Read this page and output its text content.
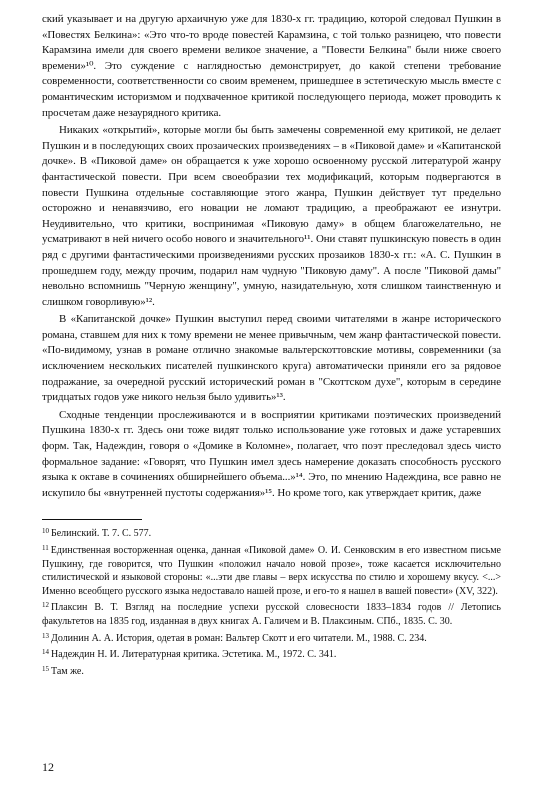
ский указывает и на другую архаичную уже для 1830-х гг. традицию, которой следовал Пушкин в «Повестях Белкина»: «Это что-то вроде повестей Карамзина, с той только разницею, что повести Карамзина имели для своего времени великое значение, а "Повести Белкина" были ниже своего времени»¹⁰. Это суждение с наглядностью демонстрирует, до какой степени требование современности, соответственности со своим временем, пришедшее в эстетическую мысль вместе с романтическим историзмом и подхваченное критикой последующего периода, может проводить к просчетам даже незаурядного критика.

Никаких «открытий», которые могли бы быть замечены современной ему критикой, не делает Пушкин и в последующих своих прозаических произведениях – в «Пиковой даме» и «Капитанской дочке». В «Пиковой даме» он обращается к уже хорошо освоенному русской литературой жанру фантастической повести. При всем своеобразии тех модификаций, которым подвергаются в повести Пушкина отдельные составляющие этого жанра, Пушкин действует тут предельно осторожно и ненавязчиво, его новации не ломают традицию, а преображают ее изнутри. Неудивительно, что критики, воспринимая «Пиковую даму» в общем благожелательно, не усматривают в ней ничего особо нового и значительного¹¹. Они ставят пушкинскую повесть в один ряд с другими фантастическими произведениями русских прозаиков 1830-х гг.: «А. С. Пушкин в прошедшем году, между прочим, подарил нам чудную "Пиковую даму". А после "Пиковой дамы" невольно вспомнишь "Черную женщину", умную, назидательную, хотя слишком таинственную и слишком говорливую»¹².

В «Капитанской дочке» Пушкин выступил перед своими читателями в жанре исторического романа, ставшем для них к тому времени не менее привычным, чем жанр фантастической повести. «По-видимому, узнав в романе отлично знакомые вальтерскоттовские мотивы, современники (за исключением нескольких писателей пушкинского круга) автоматически приняли его за рядовое подражание, за очередной русский исторический роман в "Скоттском духе", которым в середине тридцатых годов уже никого нельзя было удивить»¹³.

Сходные тенденции прослеживаются и в восприятии критиками поэтических произведений Пушкина 1830-х гг. Здесь они тоже видят только использование уже готовых и даже устаревших форм. Так, Надеждин, говоря о «Домике в Коломне», полагает, что поэт преследовал здесь чисто формальное задание: «Говорят, что Пушкин имел здесь намерение доказать способность русского языка к октаве в сочинениях обширнейшего объема...»¹⁴. Это, по мнению Надеждина, все равно не искупило бы «внутренней пустоты содержания»¹⁵. Но кроме того, как утверждает критик, даже

$^{10}$ Белинский. Т. 7. С. 577.
$^{11}$ Единственная восторженная оценка, данная «Пиковой даме» О. И. Сенковским в его известном письме Пушкину, где говорится, что Пушкин «положил начало новой прозе», тоже касается исключительно стилистической и языковой стороны: «...эти две главы – верх искусства по стилю и хорошему вкусу. <...> Именно всеобщего русского языка недоставало нашей прозе, и его-то я нашел в вашей повести» (XV, 322).
$^{12}$ Плаксин В. Т. Взгляд на последние успехи русской словесности 1833–1834 годов // Летопись факультетов на 1835 год, изданная в двух книгах А. Галичем и В. Плаксиным. СПб., 1835. С. 30.
$^{13}$ Долинин А. А. История, одетая в роман: Вальтер Скотт и его читатели. М., 1988. С. 234.
$^{14}$ Надеждин Н. И. Литературная критика. Эстетика. М., 1972. С. 341.
$^{15}$ Там же.
12
